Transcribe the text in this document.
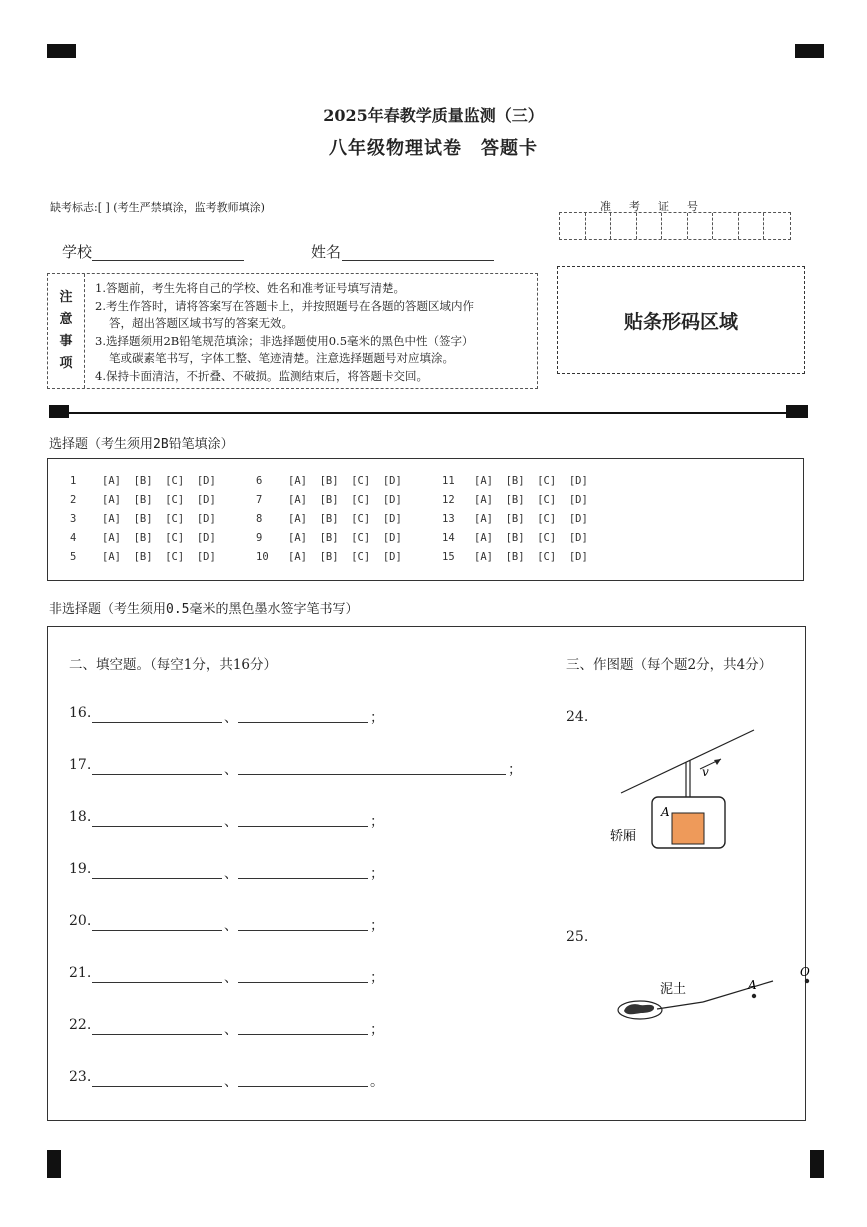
2025年春教学质量监测（三）
八年级物理试卷　答题卡
缺考标志:[ ] (考生严禁填涂，监考教师填涂)	准考证号
学校	姓名
注
意
事
项

1.答题前，考生先将自己的学校、姓名和准考证号填写清楚。

2.考生作答时，请将答案写在答题卡上，并按照题号在各题的答题区域内作

答，超出答题区域书写的答案无效。

3.选择题须用2B铅笔规范填涂；非选择题使用0.5毫米的黑色中性（签字）

笔或碳素笔书写，字体工整、笔迹清楚。注意选择题题号对应填涂。

4.保持卡面清洁，不折叠、不破损。监测结束后，将答题卡交回。

贴条形码区域
选择题（考生须用2B铅笔填涂）
1 [A]  [B]  [C]  [D]	6 [A]  [B]  [C]  [D]	11 [A]  [B]  [C]  [D]
2 [A]  [B]  [C]  [D]	7 [A]  [B]  [C]  [D]	12 [A]  [B]  [C]  [D]
3 [A]  [B]  [C]  [D]	8 [A]  [B]  [C]  [D]	13 [A]  [B]  [C]  [D]
4 [A]  [B]  [C]  [D]	9 [A]  [B]  [C]  [D]	14 [A]  [B]  [C]  [D]
5 [A]  [B]  [C]  [D]	10 [A]  [B]  [C]  [D]	15 [A]  [B]  [C]  [D]
非选择题（考生须用0.5毫米的黑色墨水签字笔书写）
二、填空题。（每空1分，共16分）	三、作图题（每个题2分，共4分）
16.	、	；
17.	、	；
18.	、	；
19.	、	；
20.	、	；
21.	、	；
22.	、	；
23.	、	。
24.
v
A
轿厢
25.
A
O
泥土
